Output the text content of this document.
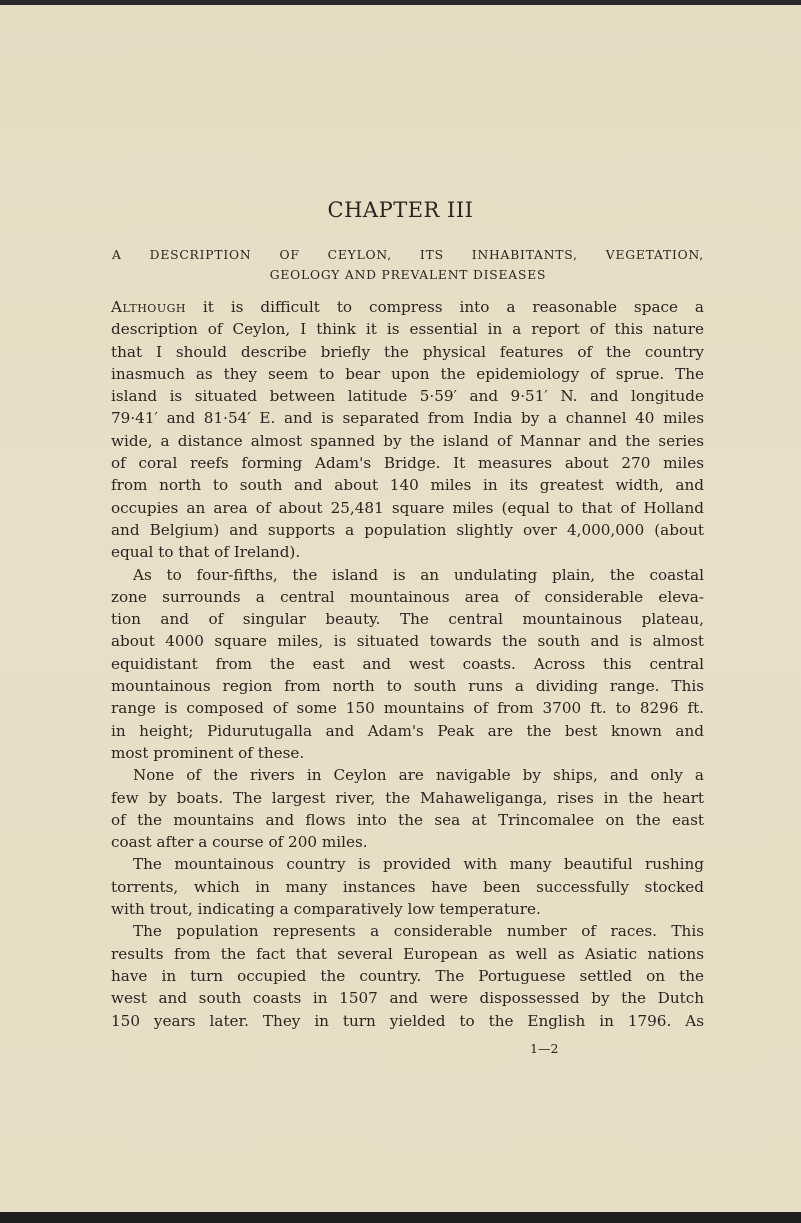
CHAPTER III
A DESCRIPTION OF CEYLON, ITS INHABITANTS, VEGETATION,
GEOLOGY AND PREVALENT DISEASES
Although it is difficult to compress into a reasonable space a
description of Ceylon, I think it is essential in a report of this nature
that I should describe briefly the physical features of the country
inasmuch as they seem to bear upon the epidemiology of sprue. The
island is situated between latitude 5·59′ and 9·51′ N. and longitude
79·41′ and 81·54′ E. and is separated from India by a channel 40 miles
wide, a distance almost spanned by the island of Mannar and the series
of coral reefs forming Adam's Bridge. It measures about 270 miles
from north to south and about 140 miles in its greatest width, and
occupies an area of about 25,481 square miles (equal to that of Holland
and Belgium) and supports a population slightly over 4,000,000 (about
equal to that of Ireland).
As to four-fifths, the island is an undulating plain, the coastal
zone surrounds a central mountainous area of considerable eleva-
tion and of singular beauty. The central mountainous plateau,
about 4000 square miles, is situated towards the south and is almost
equidistant from the east and west coasts. Across this central
mountainous region from north to south runs a dividing range. This
range is composed of some 150 mountains of from 3700 ft. to 8296 ft.
in height; Pidurutugalla and Adam's Peak are the best known and
most prominent of these.
None of the rivers in Ceylon are navigable by ships, and only a
few by boats. The largest river, the Mahaweliganga, rises in the heart
of the mountains and flows into the sea at Trincomalee on the east
coast after a course of 200 miles.
The mountainous country is provided with many beautiful rushing
torrents, which in many instances have been successfully stocked
with trout, indicating a comparatively low temperature.
The population represents a considerable number of races. This
results from the fact that several European as well as Asiatic nations
have in turn occupied the country. The Portuguese settled on the
west and south coasts in 1507 and were dispossessed by the Dutch
150 years later. They in turn yielded to the English in 1796. As
1—2
